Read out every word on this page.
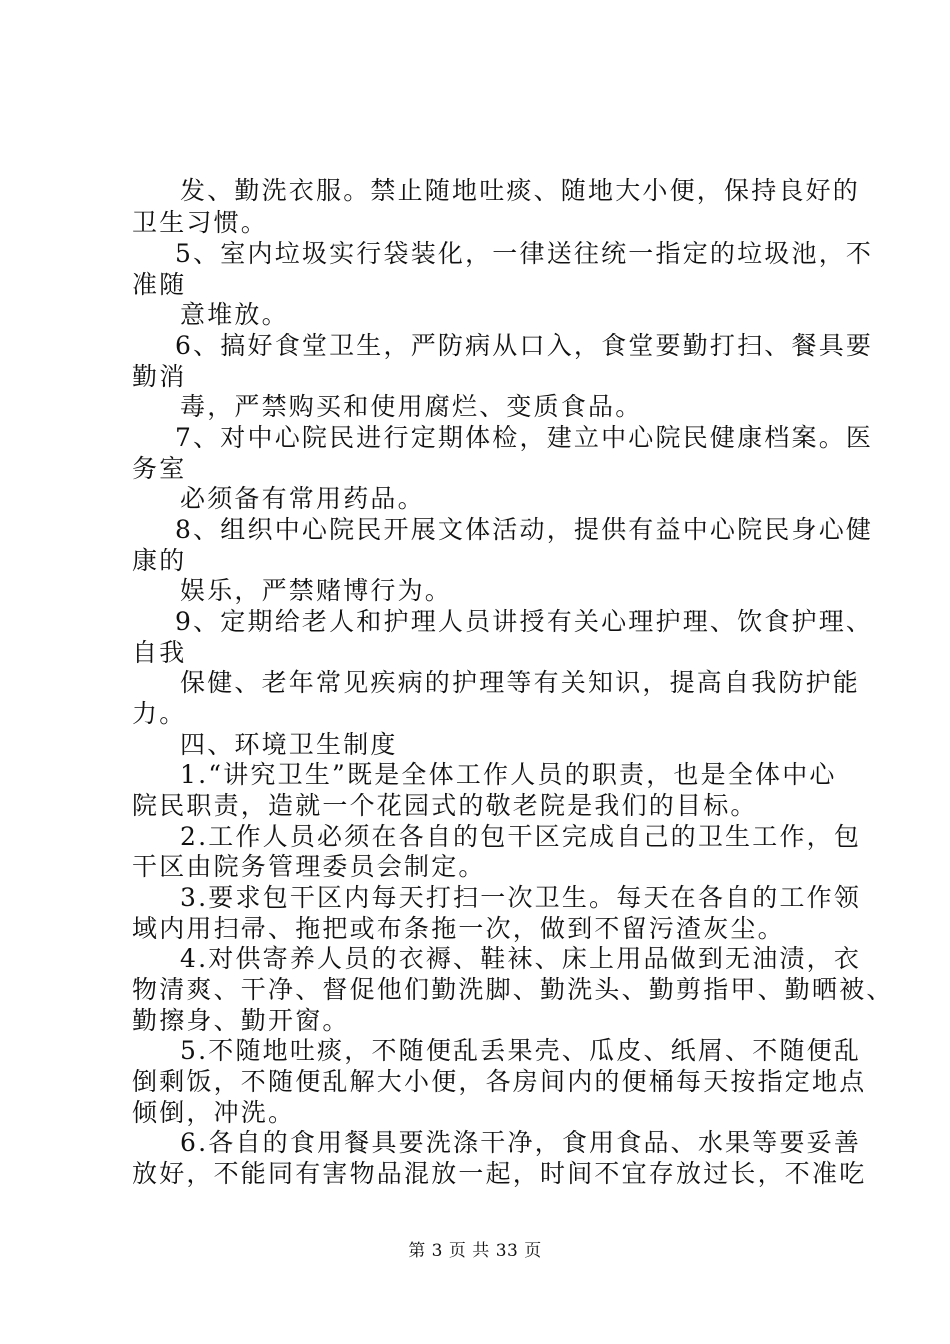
发、勤洗衣服。禁止随地吐痰、随地大小便，保持良好的
卫生习惯。
5、室内垃圾实行袋装化，一律送往统一指定的垃圾池，不
准随
意堆放。
6、搞好食堂卫生，严防病从口入，食堂要勤打扫、餐具要
勤消
毒，严禁购买和使用腐烂、变质食品。
7、对中心院民进行定期体检，建立中心院民健康档案。医
务室
必须备有常用药品。
8、组织中心院民开展文体活动，提供有益中心院民身心健
康的
娱乐，严禁赌博行为。
9、定期给老人和护理人员讲授有关心理护理、饮食护理、
自我
保健、老年常见疾病的护理等有关知识，提高自我防护能
力。
四、环境卫生制度
1.“讲究卫生”既是全体工作人员的职责，也是全体中心
院民职责，造就一个花园式的敬老院是我们的目标。
2.工作人员必须在各自的包干区完成自己的卫生工作，包
干区由院务管理委员会制定。
3.要求包干区内每天打扫一次卫生。每天在各自的工作领
域内用扫帚、拖把或布条拖一次，做到不留污渣灰尘。
4.对供寄养人员的衣褥、鞋袜、床上用品做到无油渍，衣
物清爽、干净、督促他们勤洗脚、勤洗头、勤剪指甲、勤晒被、
勤擦身、勤开窗。
5.不随地吐痰，不随便乱丢果壳、瓜皮、纸屑、不随便乱
倒剩饭，不随便乱解大小便，各房间内的便桶每天按指定地点
倾倒，冲洗。
6.各自的食用餐具要洗涤干净，食用食品、水果等要妥善
放好，不能同有害物品混放一起，时间不宜存放过长，不准吃
第 3 页 共 33 页
